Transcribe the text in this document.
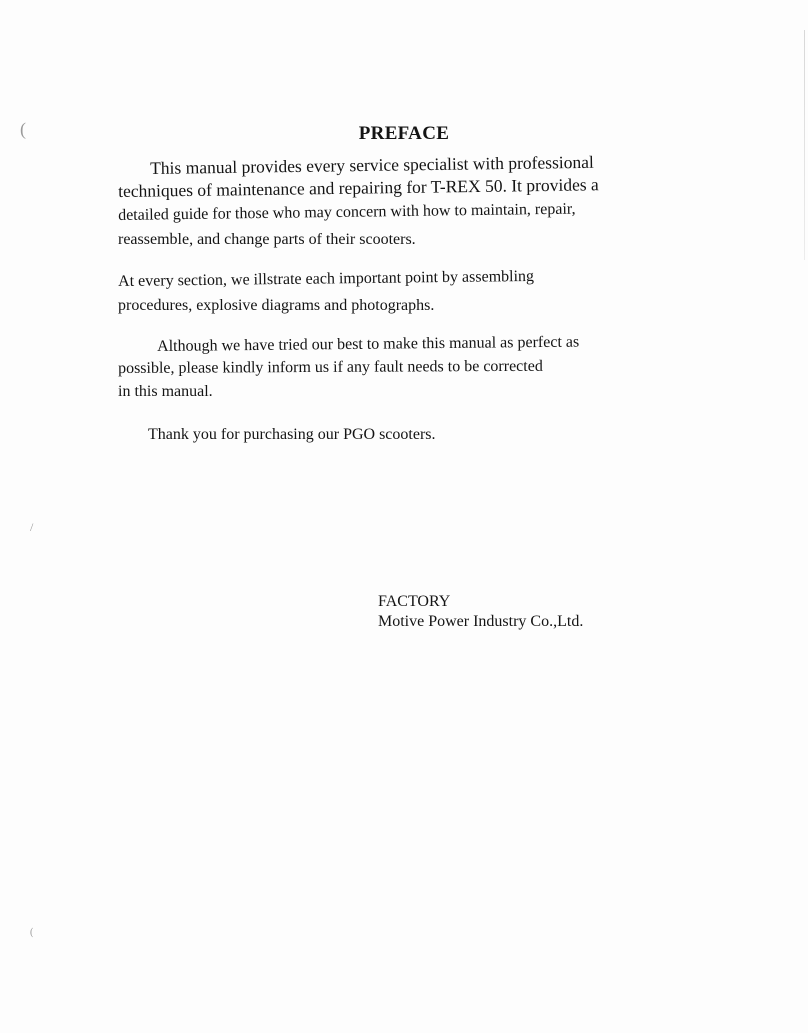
(
/
(
PREFACE
This manual provides every service specialist with professional
techniques of maintenance and repairing for T-REX 50. It provides a
detailed guide for those who may concern with how to maintain, repair,
reassemble, and change parts of their scooters.
At every section, we illstrate each important point by assembling
procedures, explosive diagrams and photographs.
Although we have tried our best to make this manual as perfect as
possible, please kindly inform us if any fault needs to be corrected
in this manual.
Thank you for purchasing our PGO scooters.
FACTORY
Motive Power Industry Co.,Ltd.
